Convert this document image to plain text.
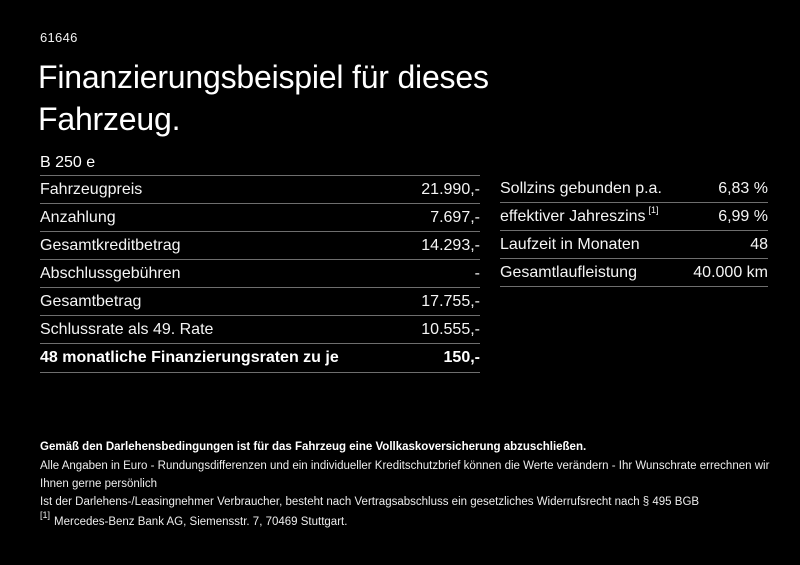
61646
Finanzierungsbeispiel für dieses
Fahrzeug.
B 250 e
Fahrzeugpreis	21.990,-
Anzahlung	7.697,-
Gesamtkreditbetrag	14.293,-
Abschlussgebühren	-
Gesamtbetrag	17.755,-
Schlussrate als 49. Rate	10.555,-
48 monatliche Finanzierungsraten zu je	150,-
Sollzins gebunden p.a.	6,83 %
effektiver Jahreszins [1]	6,99 %
Laufzeit in Monaten	48
Gesamtlaufleistung	40.000 km
Gemäß den Darlehensbedingungen ist für das Fahrzeug eine Vollkaskoversicherung abzuschließen.
Alle Angaben in Euro - Rundungsdifferenzen und ein individueller Kreditschutzbrief können die Werte verändern - Ihr Wunschrate errechnen wir Ihnen gerne persönlich
Ist der Darlehens-/Leasingnehmer Verbraucher, besteht nach Vertragsabschluss ein gesetzliches Widerrufsrecht nach § 495 BGB
[1]Mercedes-Benz Bank AG, Siemensstr. 7, 70469 Stuttgart.
